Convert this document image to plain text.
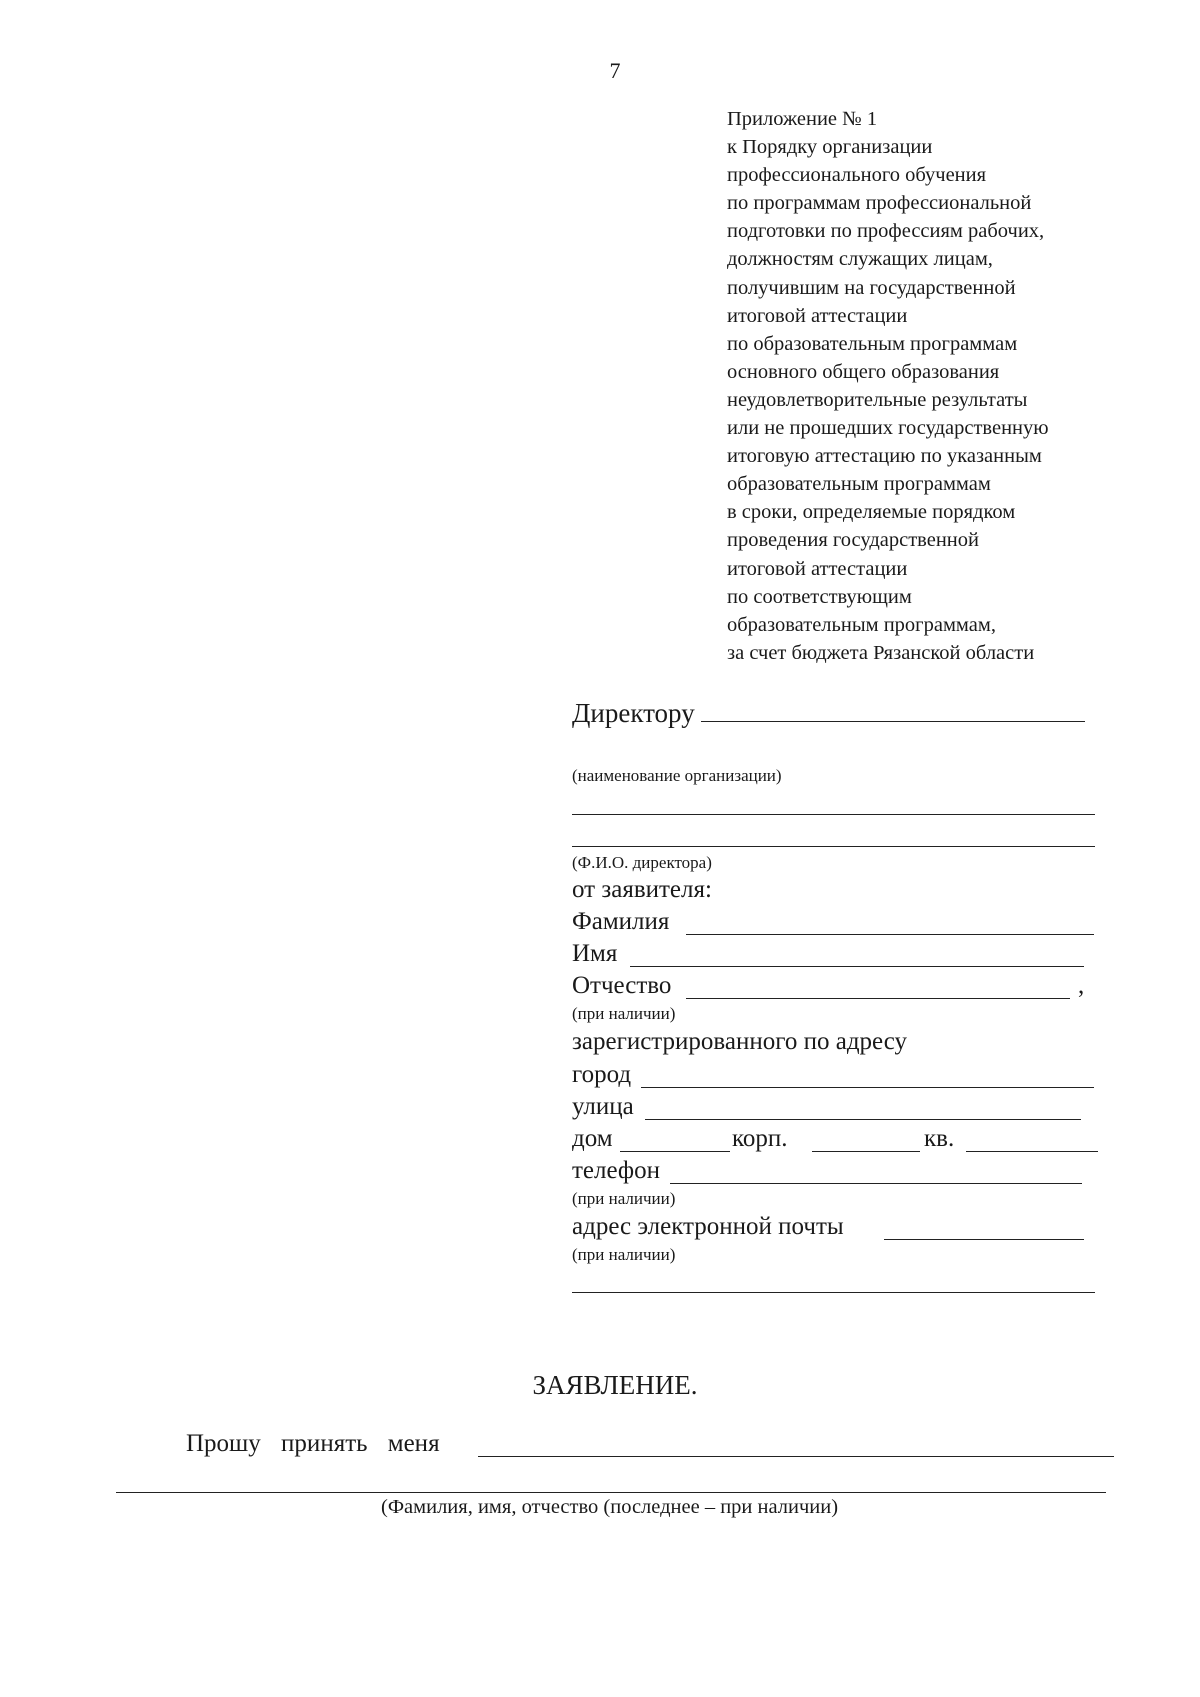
7
Приложение № 1
к Порядку организации
профессионального обучения
по программам профессиональной
подготовки по профессиям рабочих,
должностям служащих лицам,
получившим на государственной
итоговой аттестации
по образовательным программам
основного общего образования
неудовлетворительные результаты
или не прошедших государственную
итоговую аттестацию по указанным
образовательным программам
в сроки, определяемые порядком
проведения государственной
итоговой аттестации
по соответствующим
образовательным программам,
за счет бюджета Рязанской области
Директору
(наименование организации)
(Ф.И.О. директора)
от заявителя:
Фамилия
Имя
Отчество	,
(при наличии)
зарегистрированного по адресу
город
улица
дом	корп.	кв.
телефон
(при наличии)
адрес электронной почты
(при наличии)
ЗАЯВЛЕНИЕ.
Прошу принять меня
(Фамилия, имя, отчество (последнее – при наличии)
